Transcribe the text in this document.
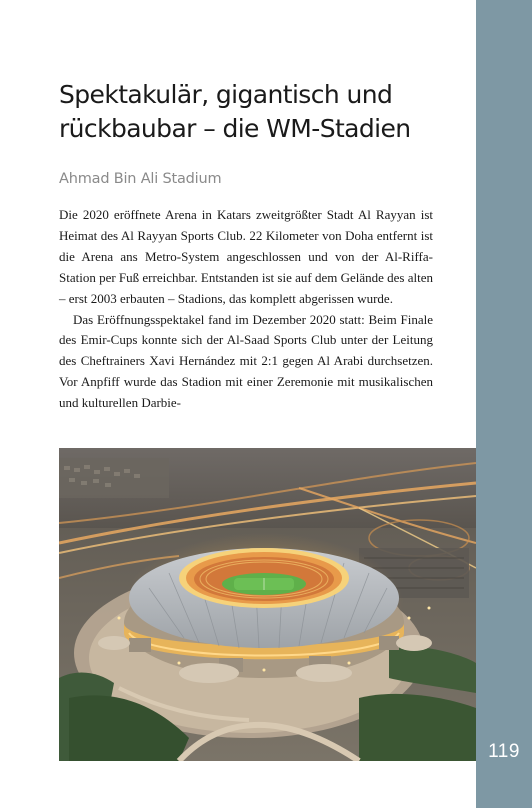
Spektakulär, gigantisch und rückbaubar – die WM-Stadien
Ahmad Bin Ali Stadium

Die 2020 eröffnete Arena in Katars zweitgrößter Stadt Al Rayyan ist Heimat des Al Rayyan Sports Club. 22 Kilometer von Doha entfernt ist die Arena ans Metro-System angeschlossen und von der Al-Riffa-Station per Fuß erreichbar. Entstanden ist sie auf dem Gelände des alten – erst 2003 erbauten – Stadions, das komplett abgerissen wurde.

Das Eröffnungsspektakel fand im Dezember 2020 statt: Beim Finale des Emir-Cups konnte sich der Al-Saad Sports Club unter der Leitung des Cheftrainers Xavi Hernández mit 2:1 gegen Al Arabi durchsetzen. Vor Anpfiff wurde das Stadion mit einer Zeremonie mit musikalischen und kulturellen Darbie-

119
